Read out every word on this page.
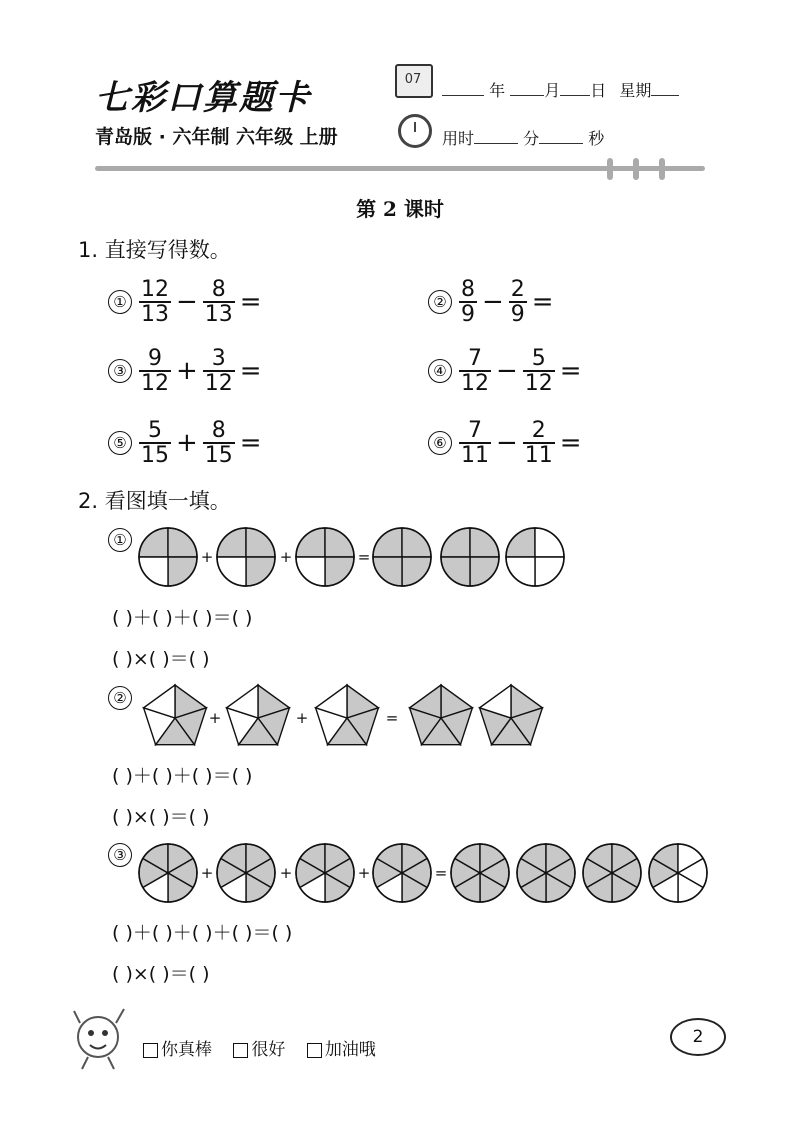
七彩口算题卡
青岛版 · 六年制 六年级 上册
07
年 月 日 星期
用时	分	秒
第 2 课时
1. 直接写得数。
① $\frac{12}{13} - \frac{8}{13}$ =	② $\frac{8}{9} - \frac{2}{9}$ =
③ $\frac{9}{12} + \frac{3}{12}$ =	④ $\frac{7}{12} - \frac{5}{12}$ =
⑤ $\frac{5}{15} + \frac{8}{15}$ =	⑥ $\frac{7}{11} - \frac{2}{11}$ =
2. 看图填一填。
①
②
③
+	+	=
+	+	=
+	+	+	=
( )＋( )＋( )＝( )
( )×( )＝( )
( )＋( )＋( )＝( )
( )×( )＝( )
( )＋( )＋( )＋( )＝( )
( )×( )＝( )
你真棒 很好 加油哦
2
